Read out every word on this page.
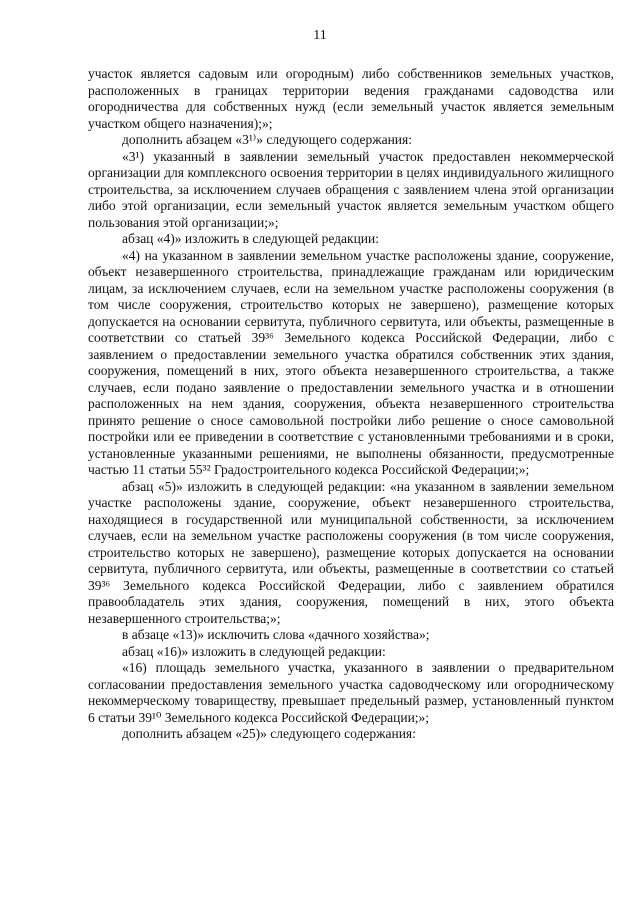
11

участок является садовым или огородным) либо собственников земельных участков, расположенных в границах территории ведения гражданами садоводства или огородничества для собственных нужд (если земельный участок является земельным участком общего назначения);»;

дополнить абзацем «3¹⁾» следующего содержания:

«3¹) указанный в заявлении земельный участок предоставлен некоммерческой организации для комплексного освоения территории в целях индивидуального жилищного строительства, за исключением случаев обращения с заявлением члена этой организации либо этой организации, если земельный участок является земельным участком общего пользования этой организации;»;

абзац «4)» изложить в следующей редакции:

«4) на указанном в заявлении земельном участке расположены здание, сооружение, объект незавершенного строительства, принадлежащие гражданам или юридическим лицам, за исключением случаев, если на земельном участке расположены сооружения (в том числе сооружения, строительство которых не завершено), размещение которых допускается на основании сервитута, публичного сервитута, или объекты, размещенные в соответствии со статьей 39³⁶ Земельного кодекса Российской Федерации, либо с заявлением о предоставлении земельного участка обратился собственник этих здания, сооружения, помещений в них, этого объекта незавершенного строительства, а также случаев, если подано заявление о предоставлении земельного участка и в отношении расположенных на нем здания, сооружения, объекта незавершенного строительства принято решение о сносе самовольной постройки либо решение о сносе самовольной постройки или ее приведении в соответствие с установленными требованиями и в сроки, установленные указанными решениями, не выполнены обязанности, предусмотренные частью 11 статьи 55³² Градостроительного кодекса Российской Федерации;»;

абзац «5)» изложить в следующей редакции: «на указанном в заявлении земельном участке расположены здание, сооружение, объект незавершенного строительства, находящиеся в государственной или муниципальной собственности, за исключением случаев, если на земельном участке расположены сооружения (в том числе сооружения, строительство которых не завершено), размещение которых допускается на основании сервитута, публичного сервитута, или объекты, размещенные в соответствии со статьей 39³⁶ Земельного кодекса Российской Федерации, либо с заявлением обратился правообладатель этих здания, сооружения, помещений в них, этого объекта незавершенного строительства;»;

в абзаце «13)» исключить слова «дачного хозяйства»;

абзац «16)» изложить в следующей редакции:

«16) площадь земельного участка, указанного в заявлении о предварительном согласовании предоставления земельного участка садоводческому или огородническому некоммерческому товариществу, превышает предельный размер, установленный пунктом 6 статьи 39¹⁰ Земельного кодекса Российской Федерации;»;

дополнить абзацем «25)» следующего содержания:
